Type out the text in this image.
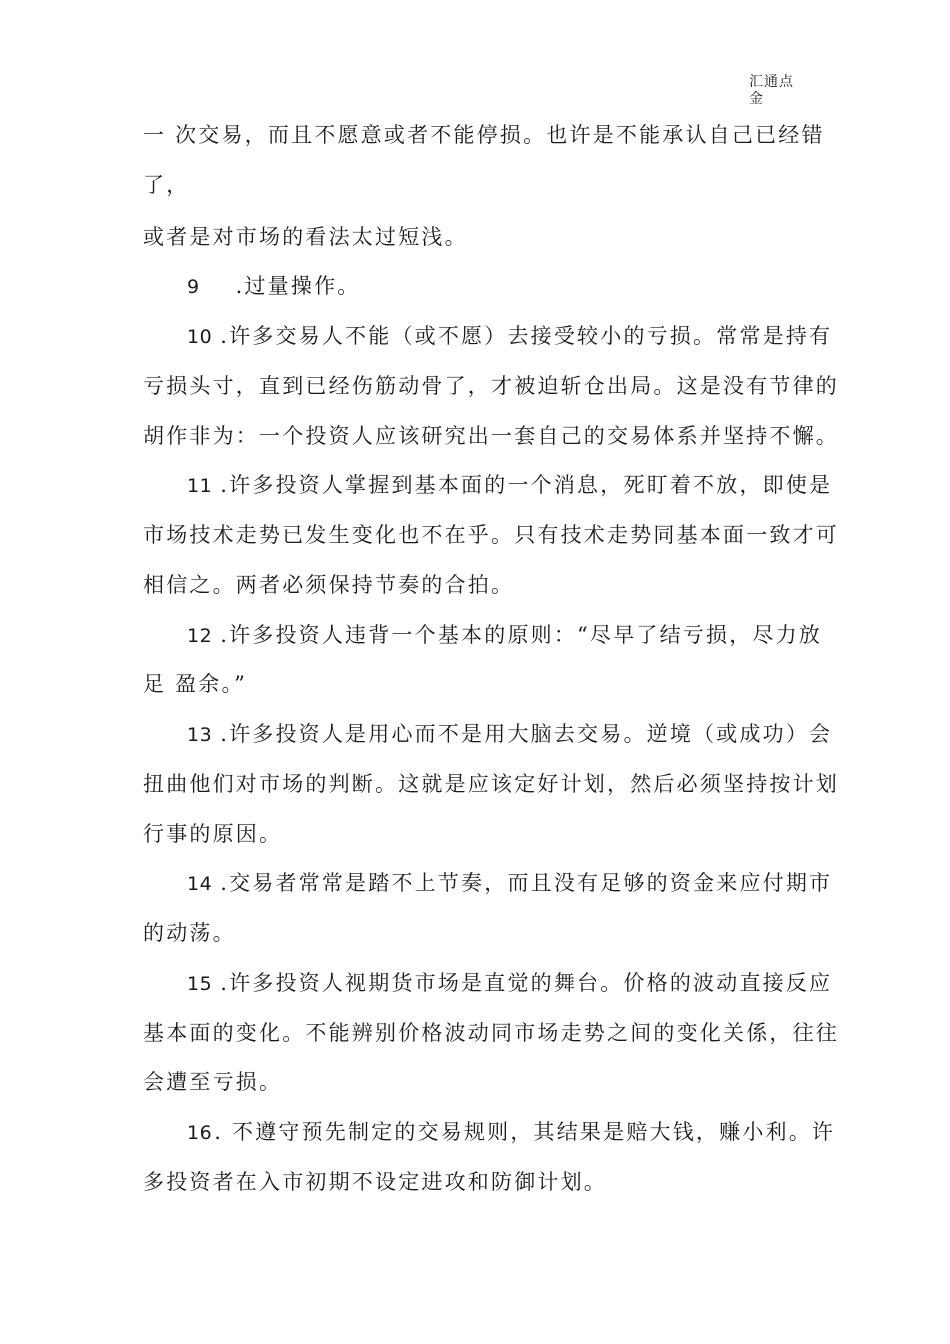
汇通点金
一 次交易，而且不愿意或者不能停损。也许是不能承认自己已经错
了，
或者是对市场的看法太过短浅。
9 .过量操作。
10 .许多交易人不能（或不愿）去接受较小的亏损。常常是持有
亏损头寸，直到已经伤筋动骨了，才被迫斩仓出局。这是没有节律的
胡作非为：一个投资人应该研究出一套自己的交易体系并坚持不懈。
11 .许多投资人掌握到基本面的一个消息，死盯着不放，即使是
市场技术走势已发生变化也不在乎。只有技术走势同基本面一致才可
相信之。两者必须保持节奏的合拍。
12 .许多投资人违背一个基本的原则：“尽早了结亏损，尽力放
足 盈余。”
13 .许多投资人是用心而不是用大脑去交易。逆境（或成功）会
扭曲他们对市场的判断。这就是应该定好计划，然后必须坚持按计划
行事的原因。
14 .交易者常常是踏不上节奏，而且没有足够的资金来应付期市
的动荡。
15 .许多投资人视期货市场是直觉的舞台。价格的波动直接反应
基本面的变化。不能辨别价格波动同市场走势之间的变化关係，往往
会遭至亏损。
16. 不遵守预先制定的交易规则，其结果是赔大钱，赚小利。许
多投资者在入市初期不设定进攻和防御计划。
